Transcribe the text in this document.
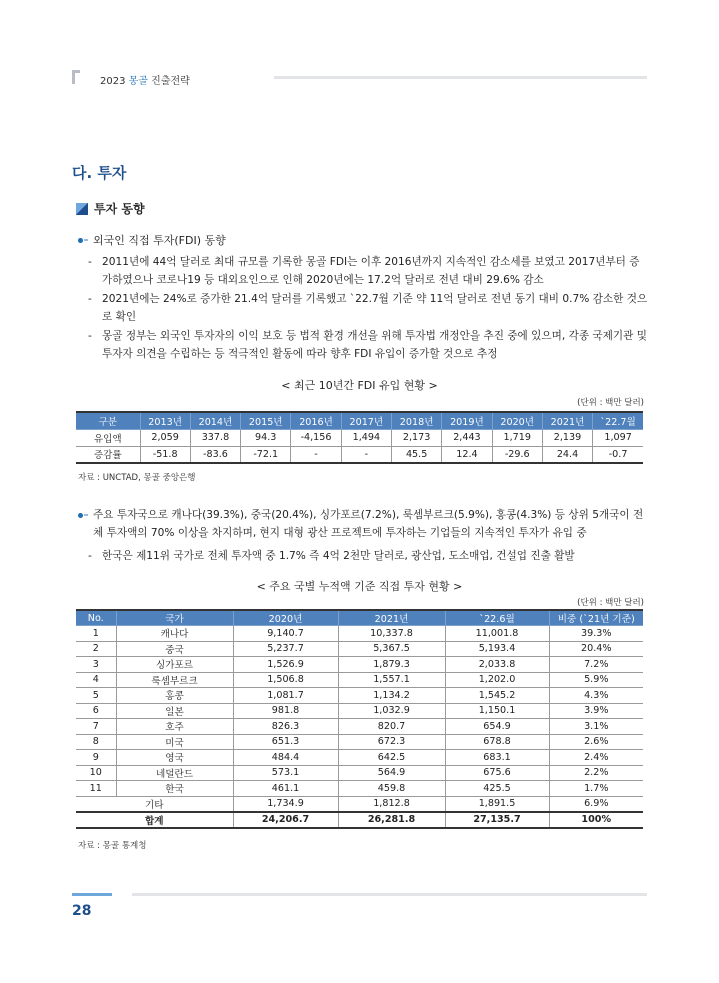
2023 몽골 진출전략
다. 투자
투자 동향
외국인 직접 투자(FDI) 동향
- 2011년에 44억 달러로 최대 규모를 기록한 몽골 FDI는 이후 2016년까지 지속적인 감소세를 보였고 2017년부터 증가하였으나 코로나19 등 대외요인으로 인해 2020년에는 17.2억 달러로 전년 대비 29.6% 감소
- 2021년에는 24%로 증가한 21.4억 달러를 기록했고 `22.7월 기준 약 11억 달러로 전년 동기 대비 0.7% 감소한 것으로 확인
- 몽골 정부는 외국인 투자자의 이익 보호 등 법적 환경 개선을 위해 투자법 개정안을 추진 중에 있으며, 각종 국제기관 및 투자자 의견을 수립하는 등 적극적인 활동에 따라 향후 FDI 유입이 증가할 것으로 추정
< 최근 10년간 FDI 유입 현황 >
(단위 : 백만 달러)
구분	2013년	2014년	2015년	2016년	2017년	2018년	2019년	2020년	2021년	`22.7월
유입액	2,059	337.8	94.3	-4,156	1,494	2,173	2,443	1,719	2,139	1,097
증감률	-51.8	-83.6	-72.1	-	-	45.5	12.4	-29.6	24.4	-0.7
자료 : UNCTAD, 몽골 중앙은행
주요 투자국으로 캐나다(39.3%), 중국(20.4%), 싱가포르(7.2%), 룩셈부르크(5.9%), 홍콩(4.3%) 등 상위 5개국이 전체 투자액의 70% 이상을 차지하며, 현지 대형 광산 프로젝트에 투자하는 기업들의 지속적인 투자가 유입 중
- 한국은 제11위 국가로 전체 투자액 중 1.7% 즉 4억 2천만 달러로, 광산업, 도소매업, 건설업 진출 활발
< 주요 국별 누적액 기준 직접 투자 현황 >
(단위 : 백만 달러)
No.	국가	2020년	2021년	`22.6월	비중 (`21년 기준)
1	캐나다	9,140.7	10,337.8	11,001.8	39.3%
2	중국	5,237.7	5,367.5	5,193.4	20.4%
3	싱가포르	1,526.9	1,879.3	2,033.8	7.2%
4	룩셈부르크	1,506.8	1,557.1	1,202.0	5.9%
5	홍콩	1,081.7	1,134.2	1,545.2	4.3%
6	일본	981.8	1,032.9	1,150.1	3.9%
7	호주	826.3	820.7	654.9	3.1%
8	미국	651.3	672.3	678.8	2.6%
9	영국	484.4	642.5	683.1	2.4%
10	네덜란드	573.1	564.9	675.6	2.2%
11	한국	461.1	459.8	425.5	1.7%
기타		1,734.9	1,812.8	1,891.5	6.9%
합계		24,206.7	26,281.8	27,135.7	100%
자료 : 몽골 통계청
28
